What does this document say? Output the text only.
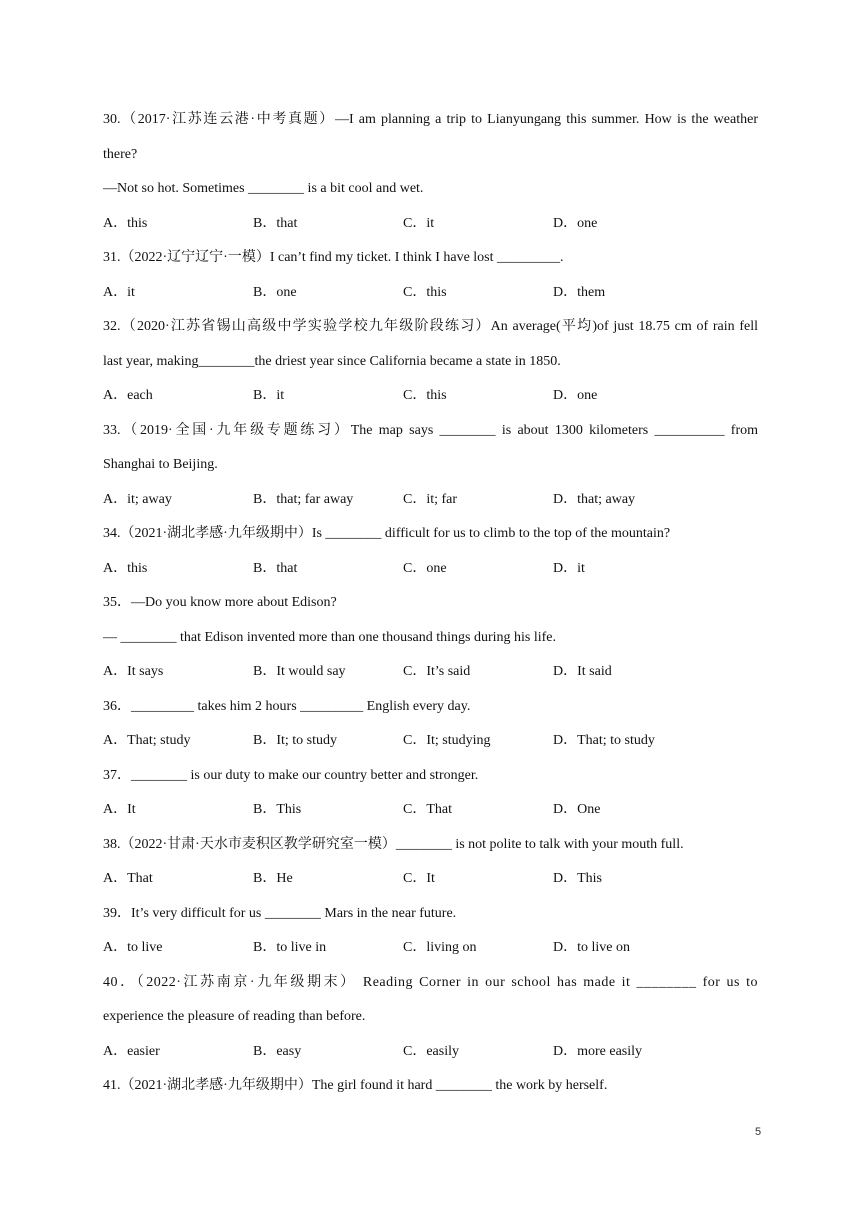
30.（2017·江苏连云港·中考真题）—I am planning a trip to Lianyungang this summer. How is the weather
there?
—Not so hot. Sometimes ________ is a bit cool and wet.
A．this	B．that	C．it	D．one
31.（2022·辽宁辽宁·一模）I can’t find my ticket. I think I have lost _________.
A．it	B．one	C．this	D．them
32.（2020·江苏省锡山高级中学实验学校九年级阶段练习）An average(平均)of just 18.75 cm of rain fell
last year, making________the driest year since California became a state in 1850.
A．each	B．it	C．this	D．one
33.（2019·全国·九年级专题练习）The map says ________ is about 1300 kilometers __________ from
Shanghai to Beijing.
A．it; away	B．that; far away	C．it; far	D．that; away
34.（2021·湖北孝感·九年级期中）Is ________ difficult for us to climb to the top of the mountain?
A．this	B．that	C．one	D．it
35．—Do you know more about Edison?
— ________ that Edison invented more than one thousand things during his life.
A．It says	B．It would say	C．It’s said	D．It said
36．_________ takes him 2 hours _________ English every day.
A．That; study	B．It; to study	C．It; studying	D．That; to study
37．________ is our duty to make our country better and stronger.
A．It	B．This	C．That	D．One
38.（2022·甘肃·天水市麦积区教学研究室一模）________ is not polite to talk with your mouth full.
A．That	B．He	C．It	D．This
39．It’s very difficult for us ________ Mars in the near future.
A．to live	B．to live in	C．living on	D．to live on
40．（2022·江苏南京·九年级期末） Reading Corner in our school has made it ________ for us to
experience the pleasure of reading than before.
A．easier	B．easy	C．easily	D．more easily
41.（2021·湖北孝感·九年级期中）The girl found it hard ________ the work by herself.
5
